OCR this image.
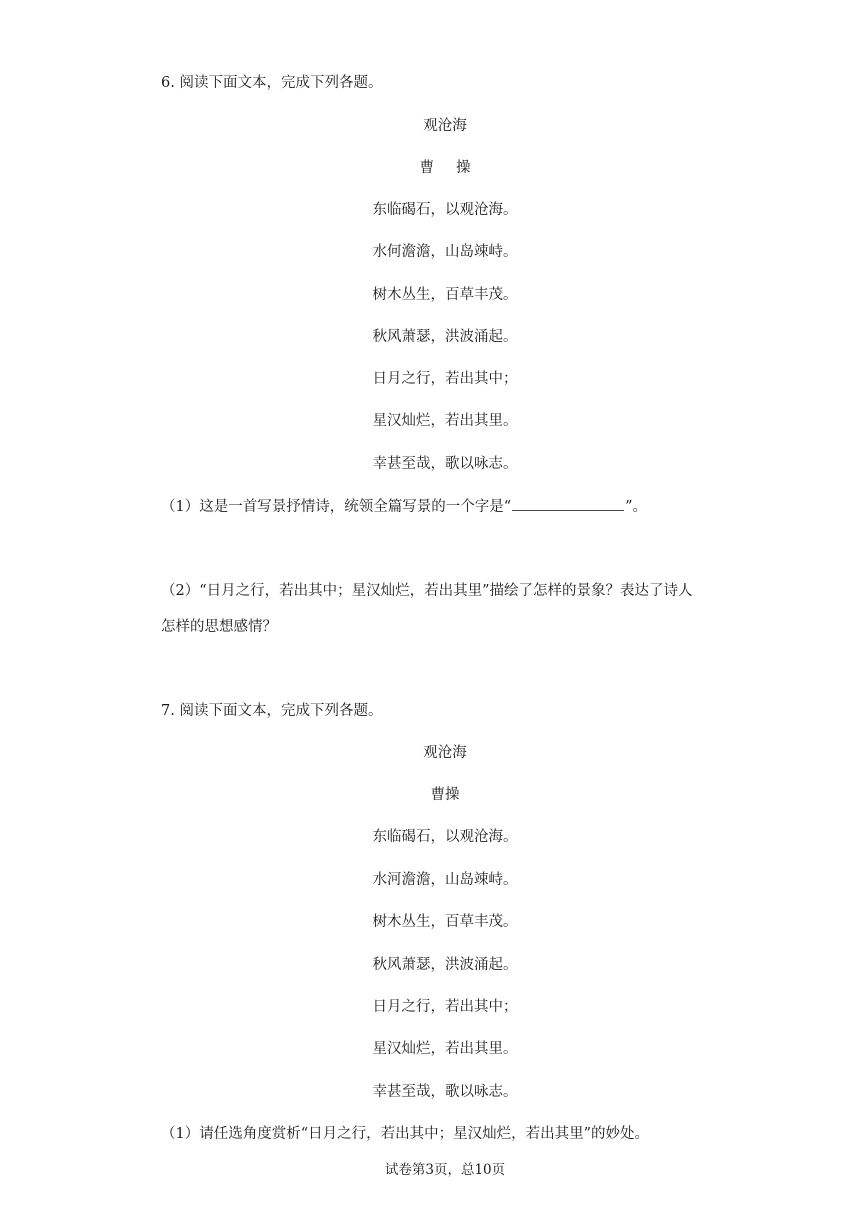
6. 阅读下面文本，完成下列各题。
观沧海
曹 操
东临碣石，以观沧海。
水何澹澹，山岛竦峙。
树木丛生，百草丰茂。
秋风萧瑟，洪波涌起。
日月之行，若出其中；
星汉灿烂，若出其里。
幸甚至哉，歌以咏志。
（1）这是一首写景抒情诗，统领全篇写景的一个字是“	”。
（2）“日月之行，若出其中；星汉灿烂，若出其里”描绘了怎样的景象？表达了诗人
怎样的思想感情？
7. 阅读下面文本，完成下列各题。
观沧海
曹操
东临碣石，以观沧海。
水河澹澹，山岛竦峙。
树木丛生，百草丰茂。
秋风萧瑟，洪波涌起。
日月之行，若出其中；
星汉灿烂，若出其里。
幸甚至哉，歌以咏志。
（1）请任选角度赏析“日月之行，若出其中；星汉灿烂，若出其里”的妙处。
试卷第3页，总10页
